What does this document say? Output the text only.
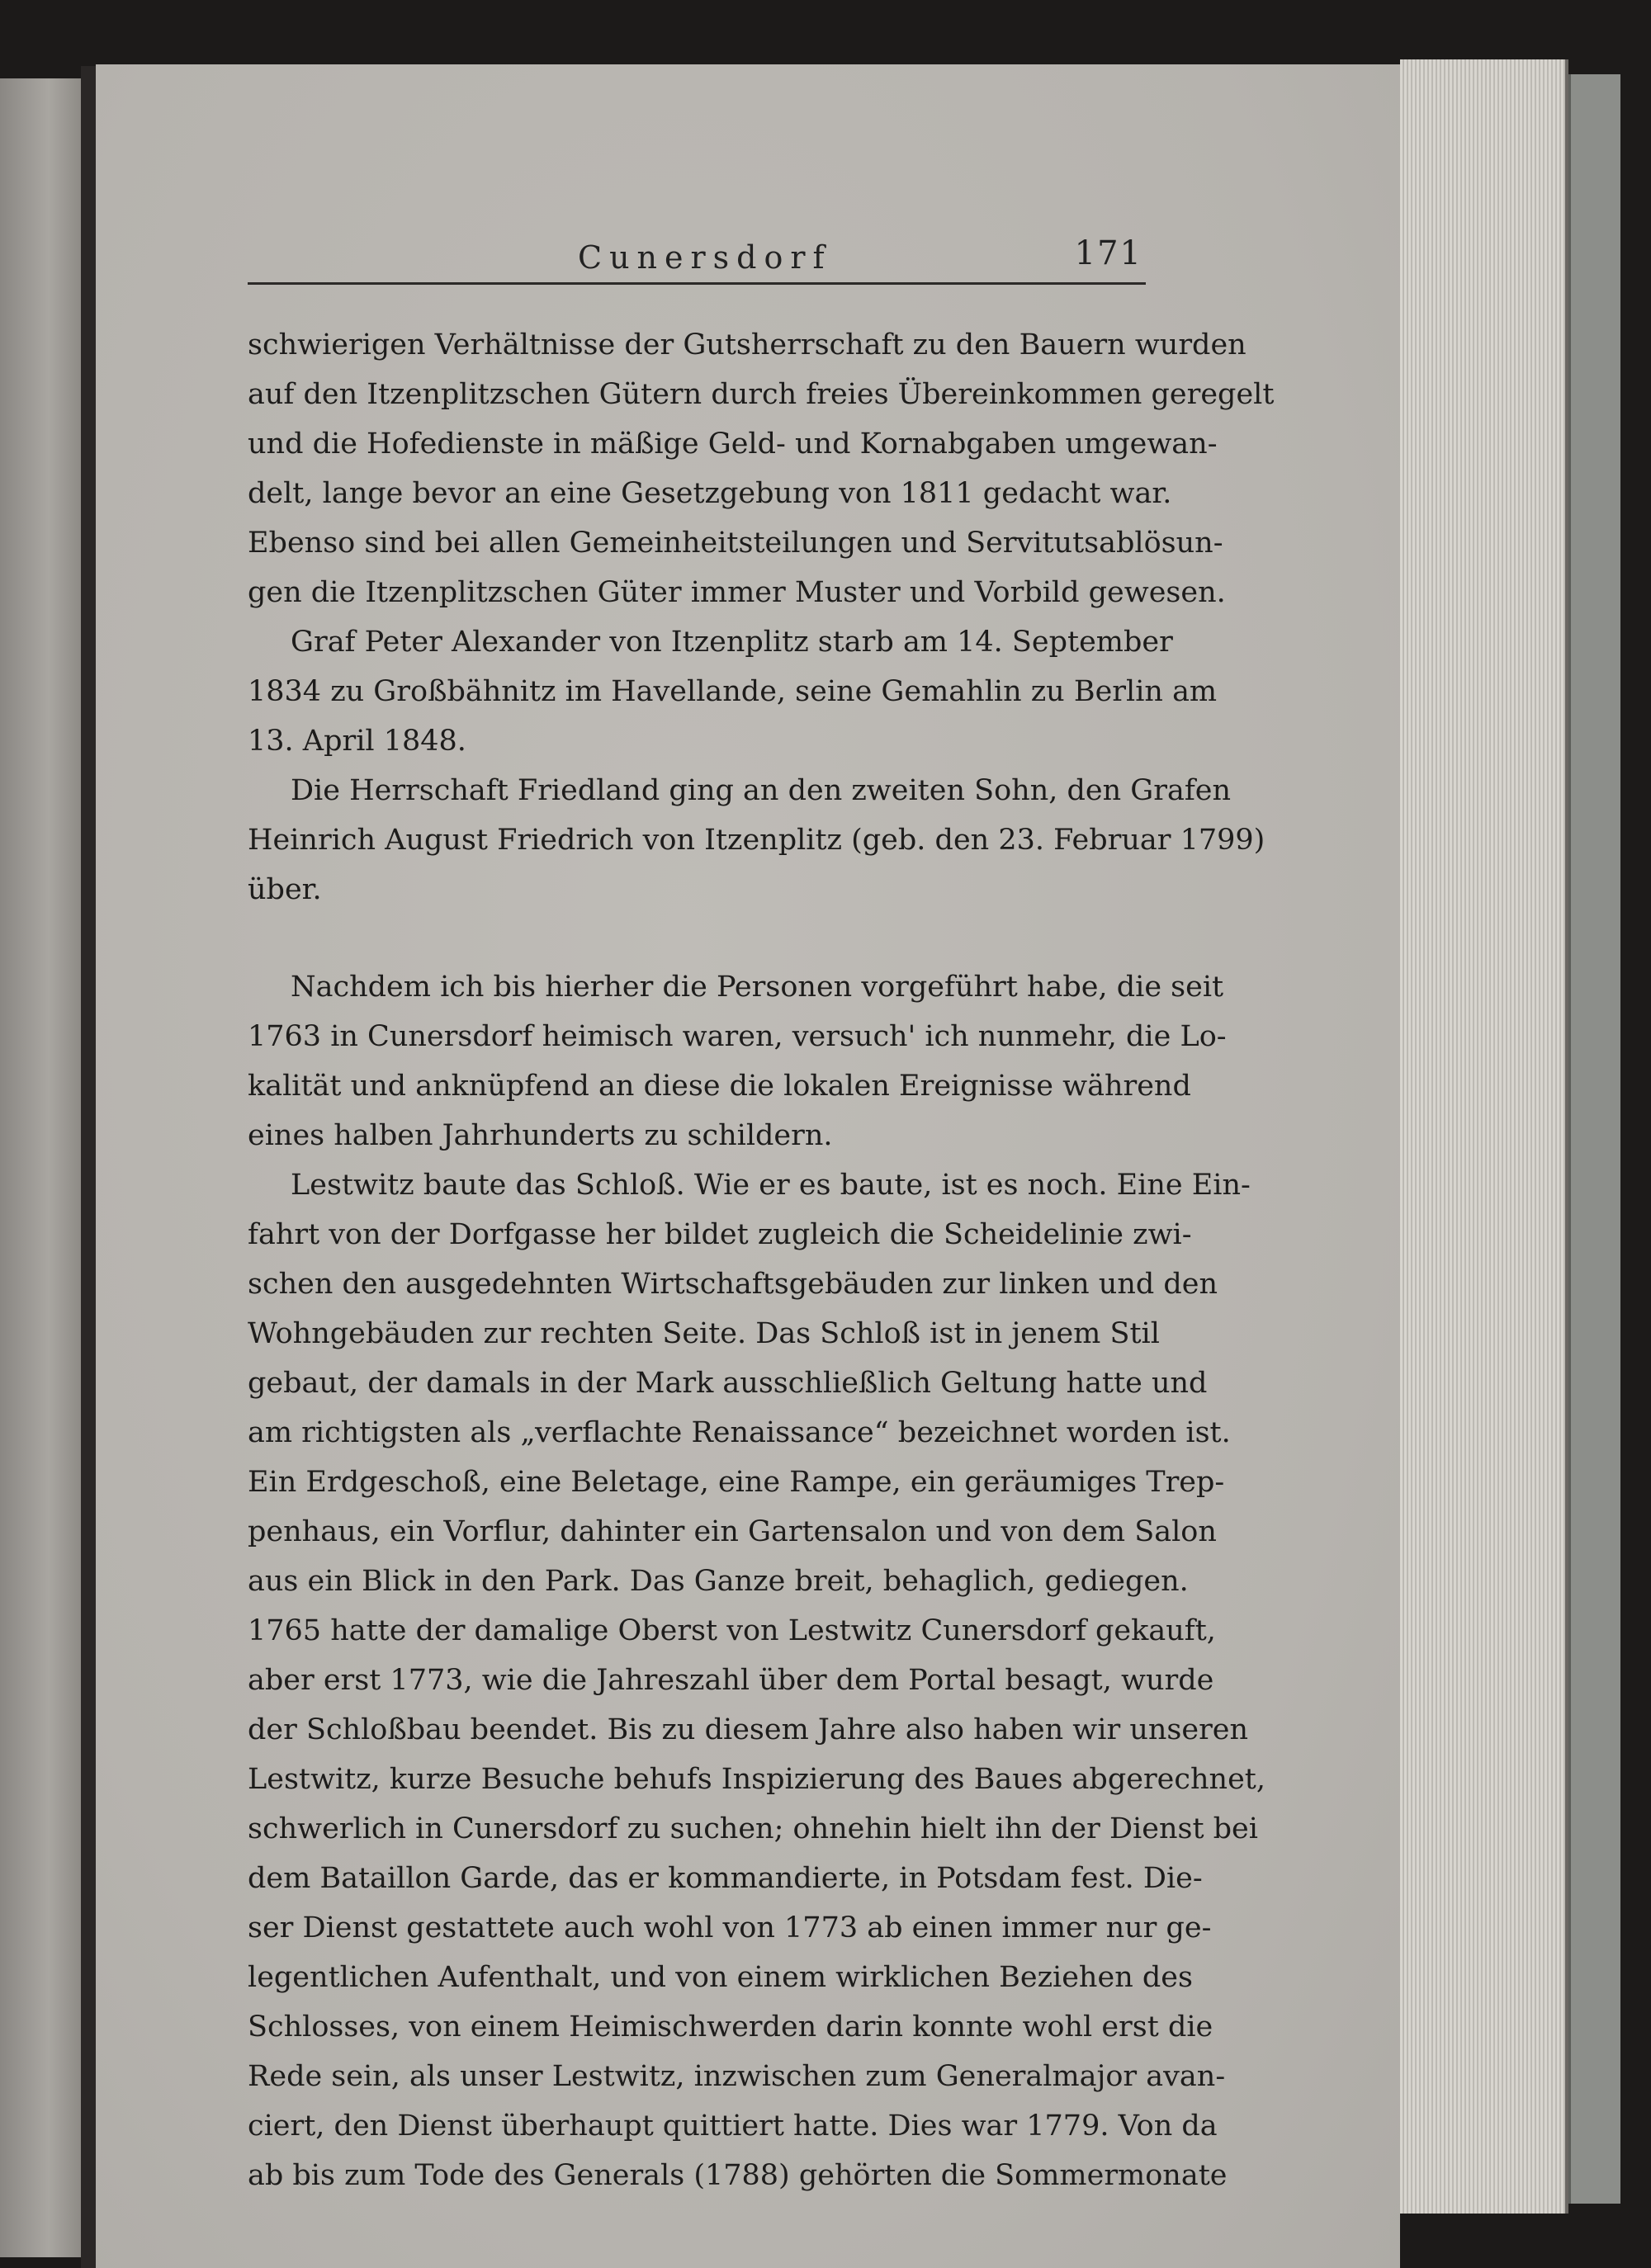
Cunersdorf	171
schwierigen Verhältnisse der Gutsherrschaft zu den Bauern wurden
auf den Itzenplitzschen Gütern durch freies Übereinkommen geregelt
und die Hofedienste in mäßige Geld- und Kornabgaben umgewan-
delt, lange bevor an eine Gesetzgebung von 1811 gedacht war.
Ebenso sind bei allen Gemeinheitsteilungen und Servitutsablösun-
gen die Itzenplitzschen Güter immer Muster und Vorbild gewesen.
Graf Peter Alexander von Itzenplitz starb am 14. September
1834 zu Großbähnitz im Havellande, seine Gemahlin zu Berlin am
13. April 1848.
Die Herrschaft Friedland ging an den zweiten Sohn, den Grafen
Heinrich August Friedrich von Itzenplitz (geb. den 23. Februar 1799)
über.
Nachdem ich bis hierher die Personen vorgeführt habe, die seit
1763 in Cunersdorf heimisch waren, versuch' ich nunmehr, die Lo-
kalität und anknüpfend an diese die lokalen Ereignisse während
eines halben Jahrhunderts zu schildern.
Lestwitz baute das Schloß. Wie er es baute, ist es noch. Eine Ein-
fahrt von der Dorfgasse her bildet zugleich die Scheidelinie zwi-
schen den ausgedehnten Wirtschaftsgebäuden zur linken und den
Wohngebäuden zur rechten Seite. Das Schloß ist in jenem Stil
gebaut, der damals in der Mark ausschließlich Geltung hatte und
am richtigsten als „verflachte Renaissance“ bezeichnet worden ist.
Ein Erdgeschoß, eine Beletage, eine Rampe, ein geräumiges Trep-
penhaus, ein Vorflur, dahinter ein Gartensalon und von dem Salon
aus ein Blick in den Park. Das Ganze breit, behaglich, gediegen.
1765 hatte der damalige Oberst von Lestwitz Cunersdorf gekauft,
aber erst 1773, wie die Jahreszahl über dem Portal besagt, wurde
der Schloßbau beendet. Bis zu diesem Jahre also haben wir unseren
Lestwitz, kurze Besuche behufs Inspizierung des Baues abgerechnet,
schwerlich in Cunersdorf zu suchen; ohnehin hielt ihn der Dienst bei
dem Bataillon Garde, das er kommandierte, in Potsdam fest. Die-
ser Dienst gestattete auch wohl von 1773 ab einen immer nur ge-
legentlichen Aufenthalt, und von einem wirklichen Beziehen des
Schlosses, von einem Heimischwerden darin konnte wohl erst die
Rede sein, als unser Lestwitz, inzwischen zum Generalmajor avan-
ciert, den Dienst überhaupt quittiert hatte. Dies war 1779. Von da
ab bis zum Tode des Generals (1788) gehörten die Sommermonate
